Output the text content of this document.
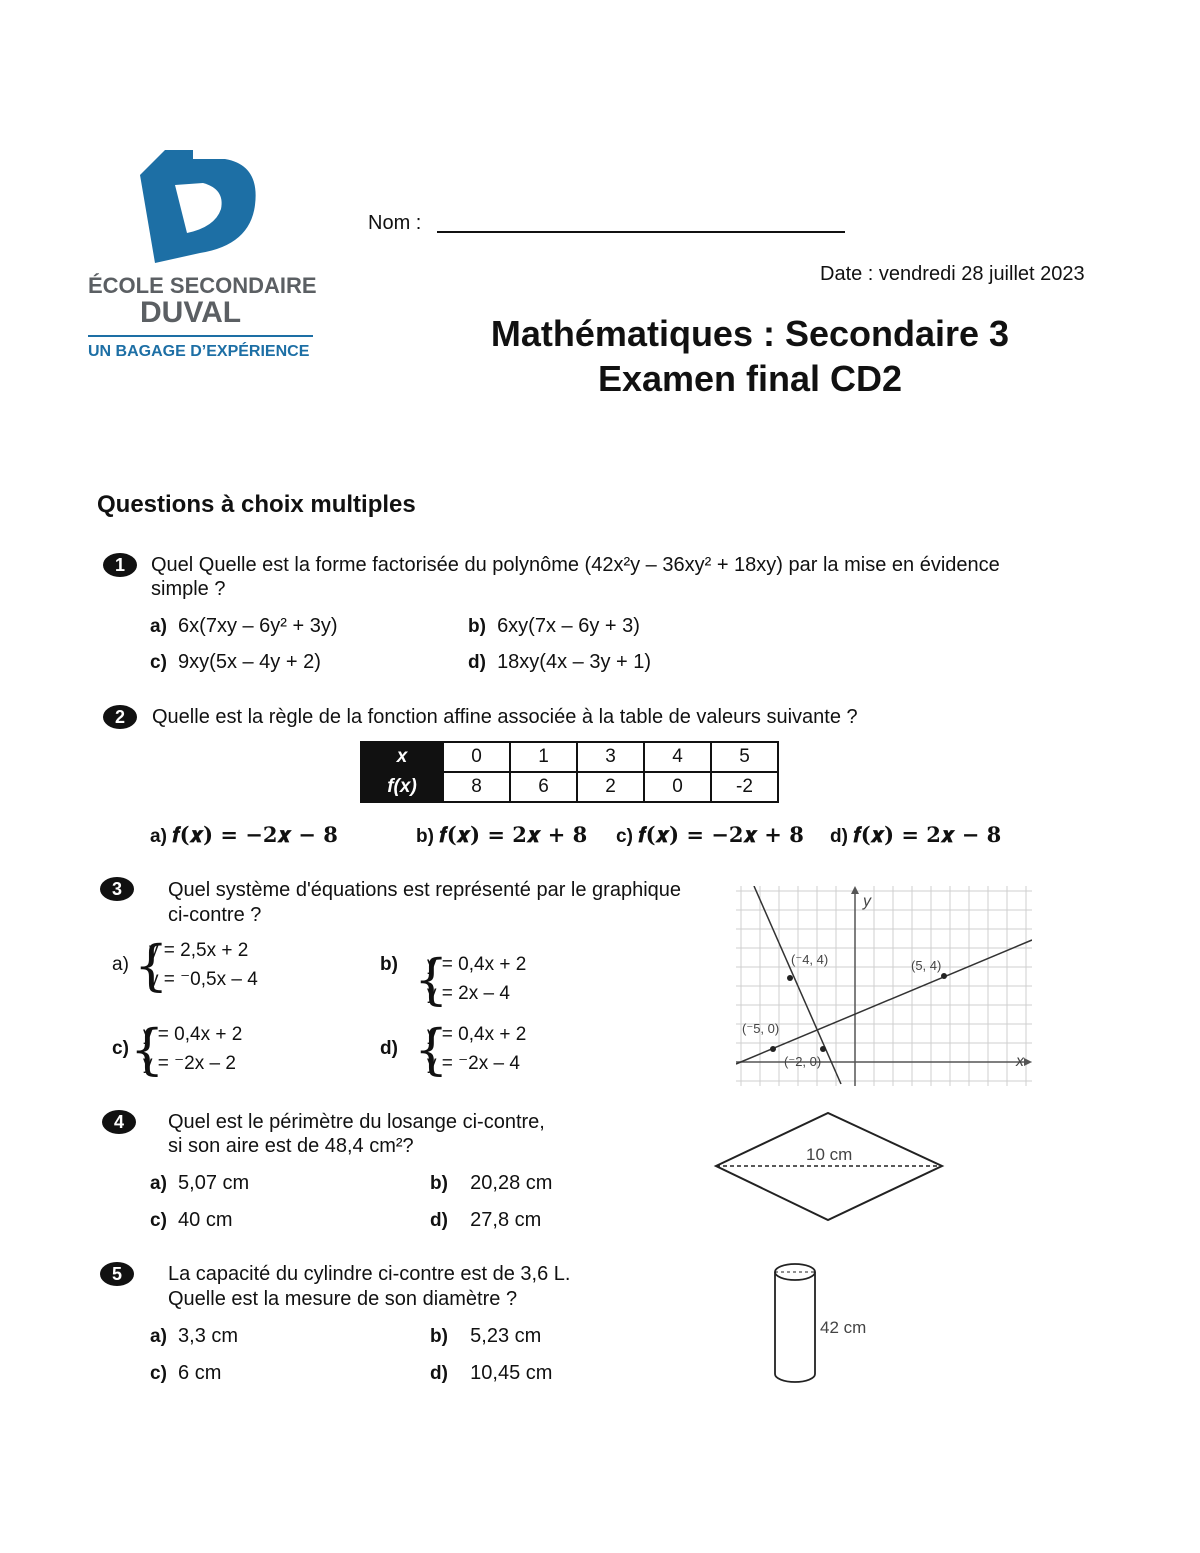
ÉCOLE SECONDAIRE
DUVAL
UN BAGAGE D’EXPÉRIENCE
Nom :
Date : vendredi 28 juillet 2023
Mathématiques : Secondaire 3
Examen final CD2
Questions à choix multiples
1	Quel Quelle est la forme factorisée du polynôme (42x²y – 36xy² + 18xy) par la mise en évidence
simple ?
a) 6x(7xy – 6y² + 3y)	b) 6xy(7x – 6y + 3)
c) 9xy(5x – 4y + 2)	d) 18xy(4x – 3y + 1)
2	Quelle est la règle de la fonction affine associée à la table de valeurs suivante ?
x	0	1	3	4	5
f(x)	8	6	2	0	-2
a) 𝒇(𝒙) = −𝟐𝒙 − 𝟖	b) 𝒇(𝒙) = 𝟐𝒙 + 𝟖 c) 𝒇(𝒙) = −𝟐𝒙 + 𝟖 d) 𝒇(𝒙) = 𝟐𝒙 − 𝟖
3	Quel système d'équations est représenté par le graphique
ci-contre ?
a) {
y = 2,5x + 2
y = ⁻0,5x – 4
b) {
y = 0,4x + 2
y = 2x – 4
c) {
y = 0,4x + 2
y = ⁻2x – 2
d) {
y = 0,4x + 2
y = ⁻2x – 4
y
x
(⁻4, 4)	(5, 4)
(⁻5, 0)
(⁻2, 0)
4	Quel est le périmètre du losange ci-contre,
si son aire est de 48,4 cm²?
a) 5,07 cm	b) 20,28 cm
c) 40 cm	d) 27,8 cm
10 cm
5	La capacité du cylindre ci-contre est de 3,6 L.
Quelle est la mesure de son diamètre ?
a) 3,3 cm	b) 5,23 cm
c) 6 cm	d) 10,45 cm
42 cm
